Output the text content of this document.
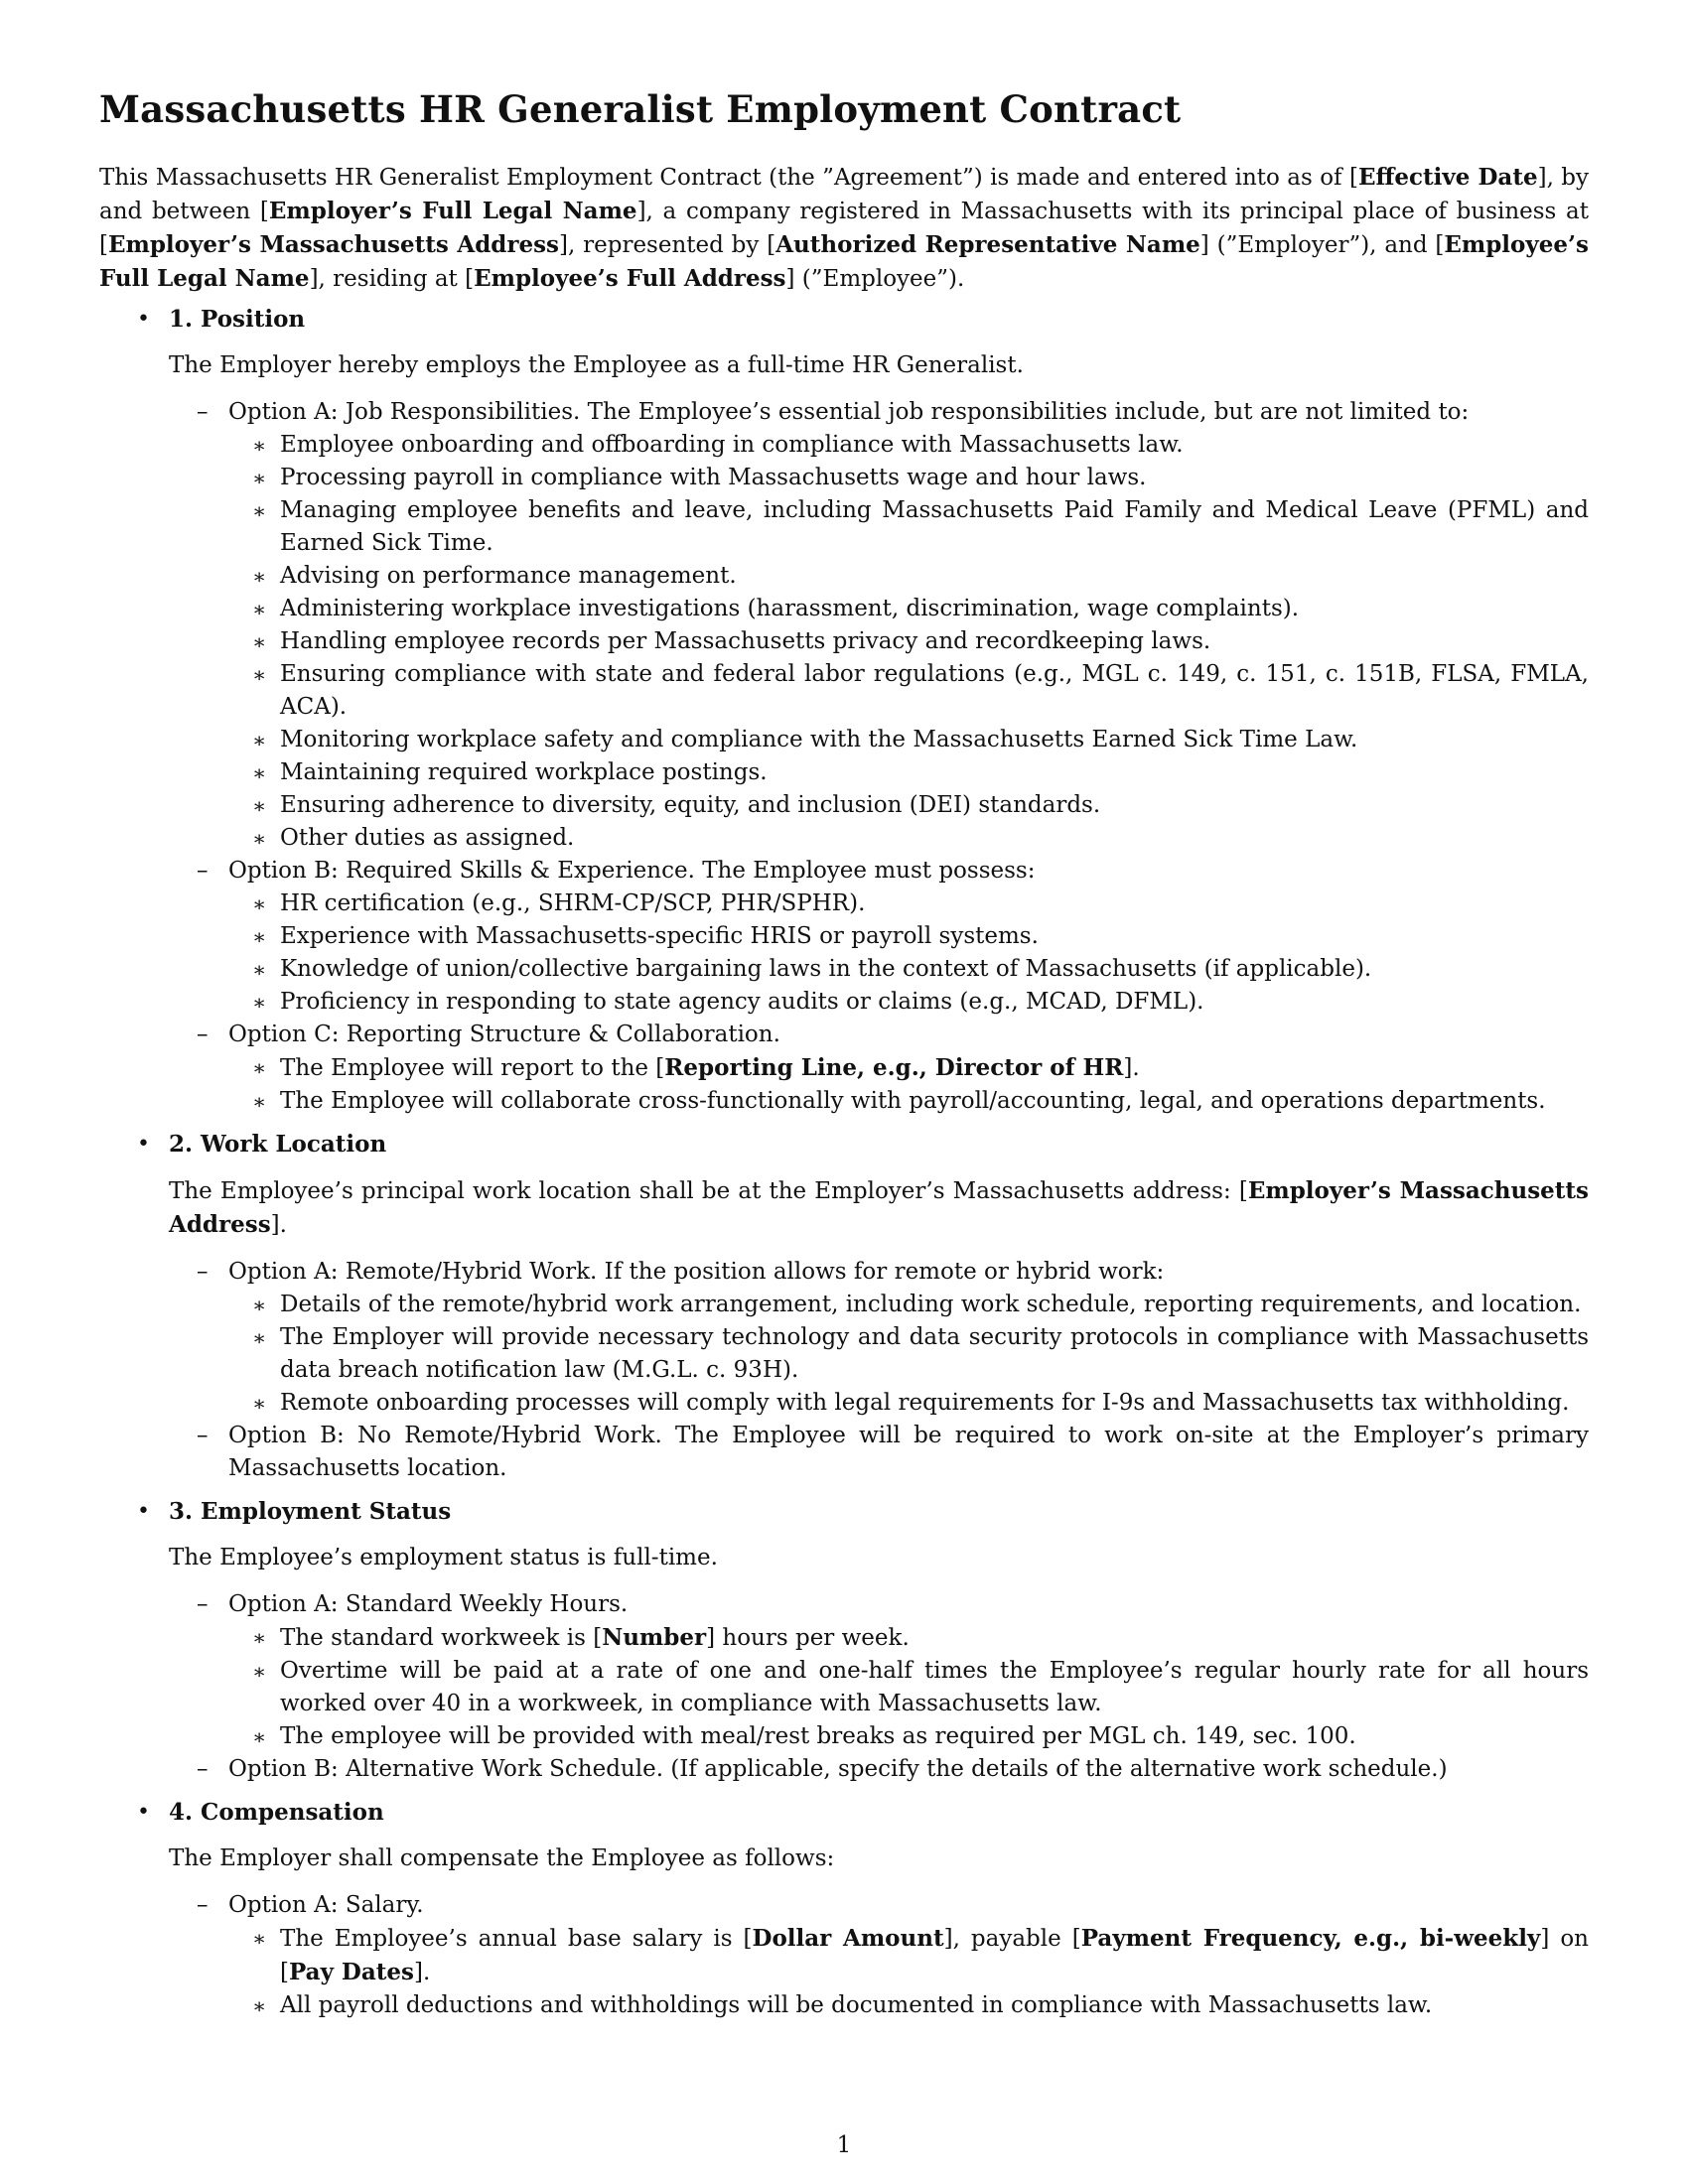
Massachusetts HR Generalist Employment Contract

This Massachusetts HR Generalist Employment Contract (the ”Agreement”) is made and entered into as of [Effective Date], by and between [Employer’s Full Legal Name], a company registered in Massachusetts with its principal place of business at [Employer’s Massachusetts Address], represented by [Authorized Representative Name] (”Employer”), and [Employee’s Full Legal Name], residing at [Employee’s Full Address] (”Employee”).

• 1. Position

The Employer hereby employs the Employee as a full-time HR Generalist.

– Option A: Job Responsibilities. The Employee’s essential job responsibilities include, but are not limited to:
∗ Employee onboarding and offboarding in compliance with Massachusetts law.
∗ Processing payroll in compliance with Massachusetts wage and hour laws.
∗ Managing employee benefits and leave, including Massachusetts Paid Family and Medical Leave (PFML) and Earned Sick Time.
∗ Advising on performance management.
∗ Administering workplace investigations (harassment, discrimination, wage complaints).
∗ Handling employee records per Massachusetts privacy and recordkeeping laws.
∗ Ensuring compliance with state and federal labor regulations (e.g., MGL c. 149, c. 151, c. 151B, FLSA, FMLA, ACA).
∗ Monitoring workplace safety and compliance with the Massachusetts Earned Sick Time Law.
∗ Maintaining required workplace postings.
∗ Ensuring adherence to diversity, equity, and inclusion (DEI) standards.
∗ Other duties as assigned.
– Option B: Required Skills & Experience. The Employee must possess:
∗ HR certification (e.g., SHRM-CP/SCP, PHR/SPHR).
∗ Experience with Massachusetts-specific HRIS or payroll systems.
∗ Knowledge of union/collective bargaining laws in the context of Massachusetts (if applicable).
∗ Proficiency in responding to state agency audits or claims (e.g., MCAD, DFML).
– Option C: Reporting Structure & Collaboration.
∗ The Employee will report to the [Reporting Line, e.g., Director of HR].
∗ The Employee will collaborate cross-functionally with payroll/accounting, legal, and operations departments.

• 2. Work Location

The Employee’s principal work location shall be at the Employer’s Massachusetts address: [Employer’s Massachusetts Address].

– Option A: Remote/Hybrid Work. If the position allows for remote or hybrid work:
∗ Details of the remote/hybrid work arrangement, including work schedule, reporting requirements, and location.
∗ The Employer will provide necessary technology and data security protocols in compliance with Massachusetts data breach notification law (M.G.L. c. 93H).
∗ Remote onboarding processes will comply with legal requirements for I-9s and Massachusetts tax withholding.
– Option B: No Remote/Hybrid Work. The Employee will be required to work on-site at the Employer’s primary Massachusetts location.

• 3. Employment Status

The Employee’s employment status is full-time.

– Option A: Standard Weekly Hours.
∗ The standard workweek is [Number] hours per week.
∗ Overtime will be paid at a rate of one and one-half times the Employee’s regular hourly rate for all hours worked over 40 in a workweek, in compliance with Massachusetts law.
∗ The employee will be provided with meal/rest breaks as required per MGL ch. 149, sec. 100.
– Option B: Alternative Work Schedule. (If applicable, specify the details of the alternative work schedule.)

• 4. Compensation

The Employer shall compensate the Employee as follows:

– Option A: Salary.
∗ The Employee’s annual base salary is [Dollar Amount], payable [Payment Frequency, e.g., bi-weekly] on [Pay Dates].
∗ All payroll deductions and withholdings will be documented in compliance with Massachusetts law.

1
